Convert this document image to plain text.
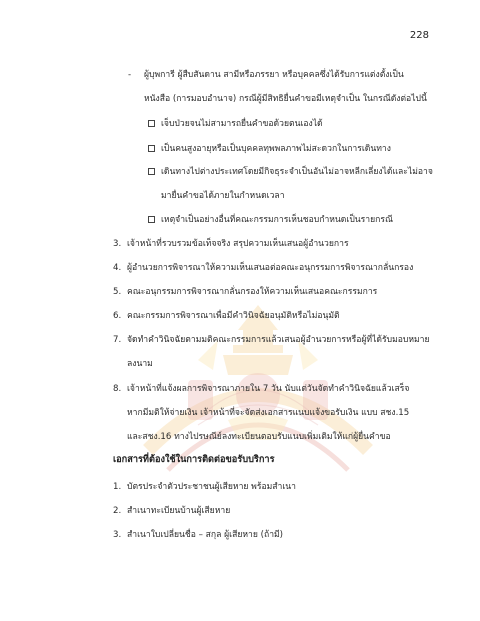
228
- ผู้บุพการี ผู้สืบสันดาน สามีหรือภรรยา หรือบุคคลซึ่งได้รับการแต่งตั้งเป็น
หนังสือ (การมอบอำนาจ) กรณีผู้มีสิทธิยื่นคำขอมีเหตุจำเป็น ในกรณีดังต่อไปนี้
เจ็บป่วยจนไม่สามารถยื่นคำขอด้วยตนเองได้
เป็นคนสูงอายุหรือเป็นบุคคลทุพพลภาพไม่สะดวกในการเดินทาง
เดินทางไปต่างประเทศโดยมีกิจธุระจำเป็นอันไม่อาจหลีกเลี่ยงได้และไม่อาจ
มายื่นคำขอได้ภายในกำหนดเวลา
เหตุจำเป็นอย่างอื่นที่คณะกรรมการเห็นชอบกำหนดเป็นรายกรณี
3. เจ้าหน้าที่รวบรวมข้อเท็จจริง สรุปความเห็นเสนอผู้อำนวยการ
4. ผู้อำนวยการพิจารณาให้ความเห็นเสนอต่อคณะอนุกรรมการพิจารณากลั่นกรอง
5. คณะอนุกรรมการพิจารณากลั่นกรองให้ความเห็นเสนอคณะกรรมการ
6. คณะกรรมการพิจารณาเพื่อมีคำวินิจฉัยอนุมัติหรือไม่อนุมัติ
7. จัดทำคำวินิจฉัยตามมติคณะกรรมการแล้วเสนอผู้อำนวยการหรือผู้ที่ได้รับมอบหมาย
ลงนาม
8. เจ้าหน้าที่แจ้งผลการพิจารณาภายใน 7 วัน นับแต่วันจัดทำคำวินิจฉัยแล้วเสร็จ
หากมีมติให้จ่ายเงิน เจ้าหน้าที่จะจัดส่งเอกสารแนบแจ้งขอรับเงิน แบบ สชง.15
และสชง.16 ทางไปรษณีย์ลงทะเบียนตอบรับแนบเพิ่มเติมให้แก่ผู้ยื่นคำขอ
เอกสารที่ต้องใช้ในการติดต่อขอรับบริการ
1. บัตรประจำตัวประชาชนผู้เสียหาย พร้อมสำเนา
2. สำเนาทะเบียนบ้านผู้เสียหาย
3. สำเนาใบเปลี่ยนชื่อ – สกุล ผู้เสียหาย (ถ้ามี)
